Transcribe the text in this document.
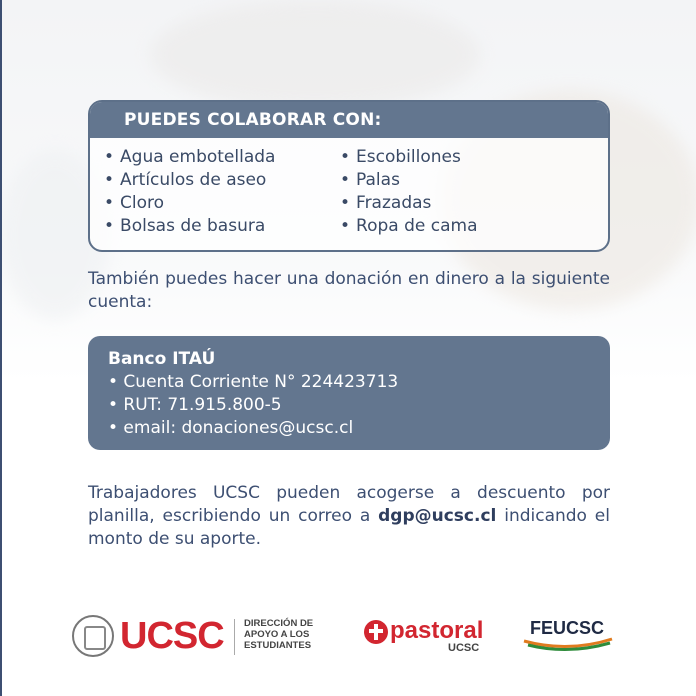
PUEDES COLABORAR CON:
• Agua embotellada
• Artículos de aseo
• Cloro
• Bolsas de basura
• Escobillones
• Palas
• Frazadas
• Ropa de cama
También puedes hacer una donación en dinero a la siguiente cuenta:
Banco ITAÚ
• Cuenta Corriente N° 224423713
• RUT: 71.915.800-5
• email: donaciones@ucsc.cl
Trabajadores UCSC pueden acogerse a descuento por planilla, escribiendo un correo a dgp@ucsc.cl indicando el monto de su aporte.
UCSC DIRECCIÓN DE
APOYO A LOS
ESTUDIANTES
pastoral
UCSC
FEUCSC
